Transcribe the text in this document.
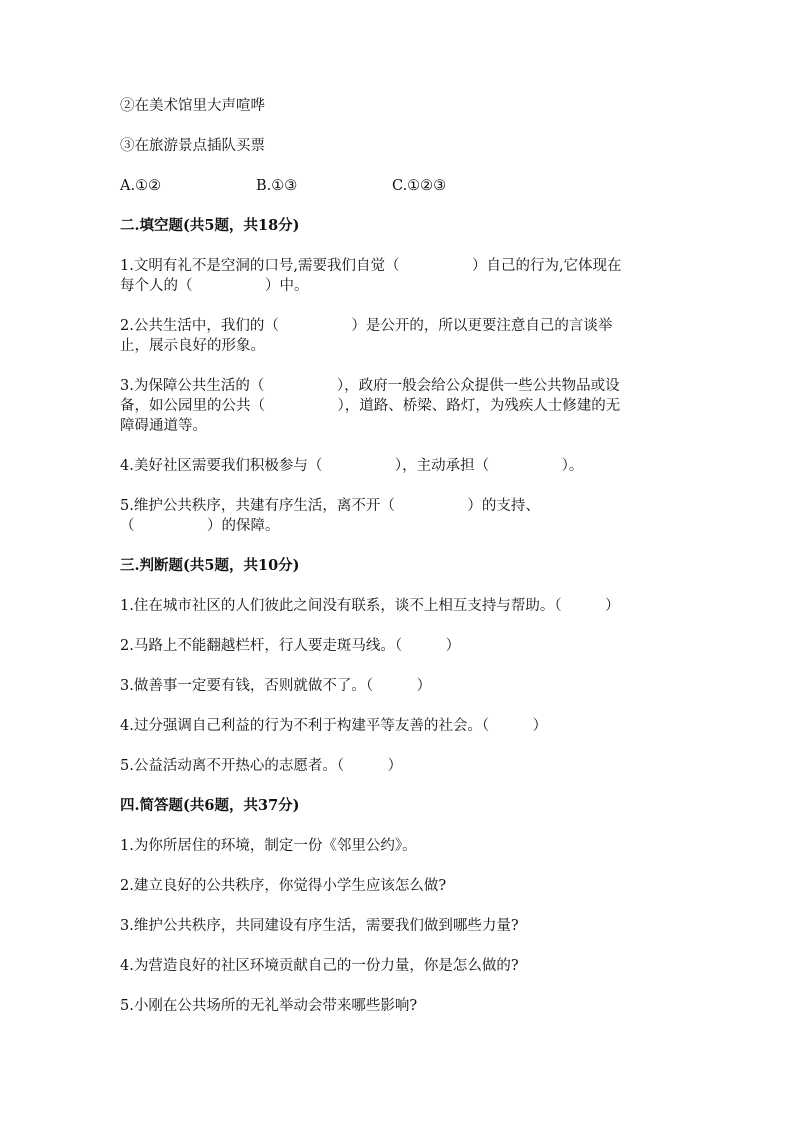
②在美术馆里大声喧哗
③在旅游景点插队买票
A.①②	B.①③	C.①②③
二.填空题(共5题，共18分)
1.文明有礼不是空洞的口号,需要我们自觉（　　　　　）自己的行为,它体现在
每个人的（　　　　　）中。
2.公共生活中，我们的（　　　　　）是公开的，所以更要注意自己的言谈举
止，展示良好的形象。
3.为保障公共生活的（　　　　　），政府一般会给公众提供一些公共物品或设
备，如公园里的公共（　　　　　），道路、桥梁、路灯，为残疾人士修建的无
障碍通道等。
4.美好社区需要我们积极参与（　　　　　），主动承担（　　　　　）。
5.维护公共秩序，共建有序生活，离不开（　　　　　）的支持、
（　　　　　）的保障。
三.判断题(共5题，共10分)
1.住在城市社区的人们彼此之间没有联系，谈不上相互支持与帮助。（　　　）
2.马路上不能翻越栏杆，行人要走斑马线。（　　　）
3.做善事一定要有钱，否则就做不了。（　　　）
4.过分强调自己利益的行为不利于构建平等友善的社会。（　　　）
5.公益活动离不开热心的志愿者。（　　　）
四.简答题(共6题，共37分)
1.为你所居住的环境，制定一份《邻里公约》。
2.建立良好的公共秩序，你觉得小学生应该怎么做?
3.维护公共秩序，共同建设有序生活，需要我们做到哪些力量?
4.为营造良好的社区环境贡献自己的一份力量，你是怎么做的?
5.小刚在公共场所的无礼举动会带来哪些影响?
